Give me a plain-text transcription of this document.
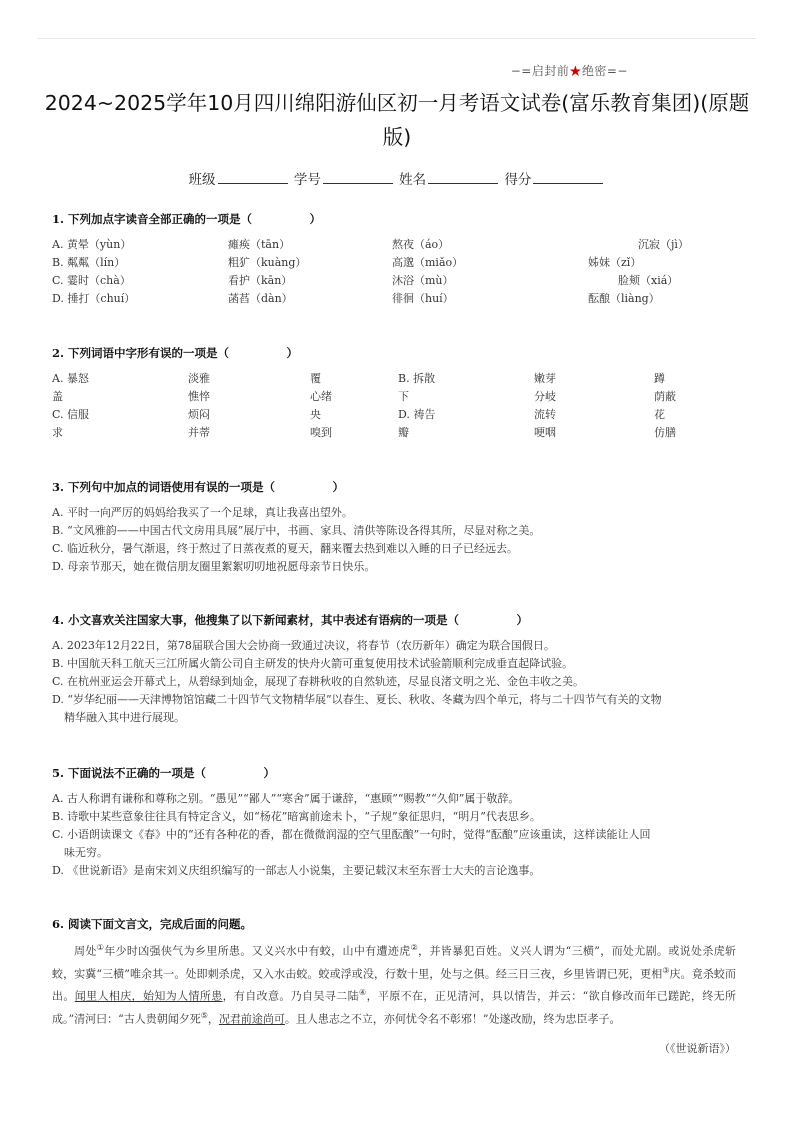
−=启封前★绝密=−
2024~2025学年10月四川绵阳游仙区初一月考语文试卷(富乐教育集团)(原题版)
班级	学号	姓名	得分
1. 下列加点字读音全部正确的一项是（　　　　　）
A. 黄晕（yùn）	瘫痪（tān）	熬夜（áo）	沉寂（jì）
B. 粼粼（lín）	粗犷（kuàng）	高邈（miǎo）	姊妹（zǐ）
C. 霎时（chà）	看护（kān）	沐浴（mù）	脸颊（xiá）
D. 捶打（chuí）	菡萏（dàn）	徘徊（huí）	酝酿（liàng）
2. 下列词语中字形有误的一项是（　　　　　）
A. 暴怒	淡雅	覆	B. 拆散	嫩芽	蹲
盖	憔悴	心绪	下	分岐	荫蔽
C. 信服	烦闷	央	D. 祷告	流转	花
求	并蒂	嗅到	瓣	哽咽	仿膳
3. 下列句中加点的词语使用有误的一项是（　　　　　）
A. 平时一向严厉的妈妈给我买了一个足球，真让我喜出望外。
B. “文风雅韵——中国古代文房用具展”展厅中，书画、家具、清供等陈设各得其所，尽显对称之美。
C. 临近秋分，暑气渐退，终于熬过了日蒸夜煮的夏天，翻来覆去热到难以入睡的日子已经远去。
D. 母亲节那天，她在微信朋友圈里絮絮叨叨地祝愿母亲节日快乐。
4. 小文喜欢关注国家大事，他搜集了以下新闻素材，其中表述有语病的一项是（　　　　　）
A. 2023年12月22日，第78届联合国大会协商一致通过决议，将春节（农历新年）确定为联合国假日。
B. 中国航天科工航天三江所属火箭公司自主研发的快舟火箭可重复使用技术试验箭顺利完成垂直起降试验。
C. 在杭州亚运会开幕式上，从碧绿到灿金，展现了春耕秋收的自然轨迹，尽显良渚文明之光、金色丰收之美。
D. “岁华纪丽——天津博物馆馆藏二十四节气文物精华展”以春生、夏长、秋收、冬藏为四个单元，将与二十四节气有关的文物
精华融入其中进行展现。
5. 下面说法不正确的一项是（　　　　　）
A. 古人称谓有谦称和尊称之别。“愚见”“鄙人”“寒舍”属于谦辞，“惠顾”“赐教”“久仰”属于敬辞。
B. 诗歌中某些意象往往具有特定含义，如“杨花”暗寓前途未卜，“子规”象征思归，“明月”代表思乡。
C. 小语朗读课文《春》中的“还有各种花的香，都在微微润湿的空气里酝酿”一句时，觉得“酝酿”应该重读，这样读能让人回
味无穷。
D. 《世说新语》是南宋刘义庆组织编写的一部志人小说集，主要记载汉末至东晋士大夫的言论逸事。
6. 阅读下面文言文，完成后面的问题。
周处①年少时凶强侠气为乡里所患。又义兴水中有蛟，山中有遭迹虎②，并皆暴犯百姓。义兴人谓为“三横”，而处尤剧。或说处杀虎斩蛟，实冀“三横”唯余其一。处即刺杀虎，又入水击蛟。蛟或浮或没，行数十里，处与之俱。经三日三夜，乡里皆谓已死，更相③庆。竟杀蛟而出。闻里人相庆，始知为人情所患，有自改意。乃自吴寻二陆④，平原不在，正见清河，具以情告，并云：“欲自修改而年已蹉跎，终无所成。”清河曰：“古人贵朝闻夕死⑤，况君前途尚可。且人患志之不立，亦何忧令名不彰邪！”处遂改励，终为忠臣孝子。
（《世说新语》）
